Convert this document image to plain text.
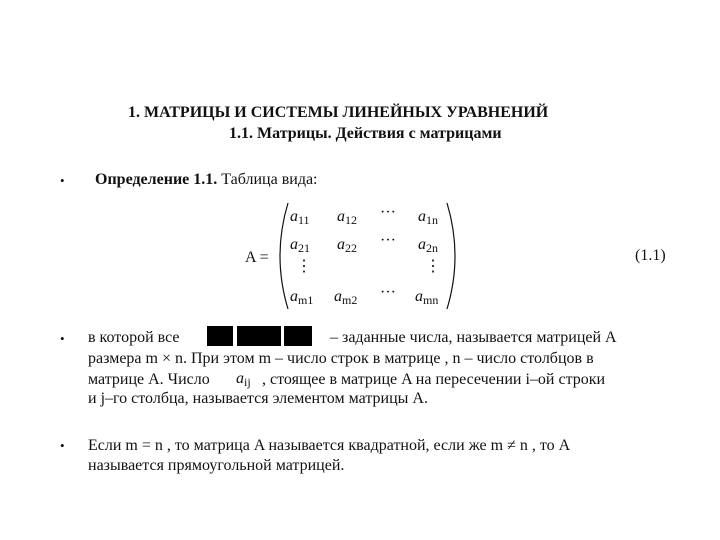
1. МАТРИЦЫ И СИСТЕМЫ ЛИНЕЙНЫХ УРАВНЕНИЙ
1.1. Матрицы. Действия с матрицами
• Определение 1.1. Таблица вида:
A =
$a_{11}$ $a_{12}$ ··· $a_{1n}$
$a_{21}$ $a_{22}$ ··· $a_{2n}$
⋮	⋮
$a_{m1}$ $a_{m2}$ ··· $a_{mn}$
(1.1)
• в которой все	– заданные числа, называется матрицей A
размера m × n. При этом m – число строк в матрице , n – число столбцов в
матрице A. Число $a_{ij}$ , стоящее в матрице A на пересечении i–ой строки
и j–го столбца, называется элементом матрицы A.
• Если m = n , то матрица A называется квадратной, если же m ≠ n , то A
называется прямоугольной матрицей.
